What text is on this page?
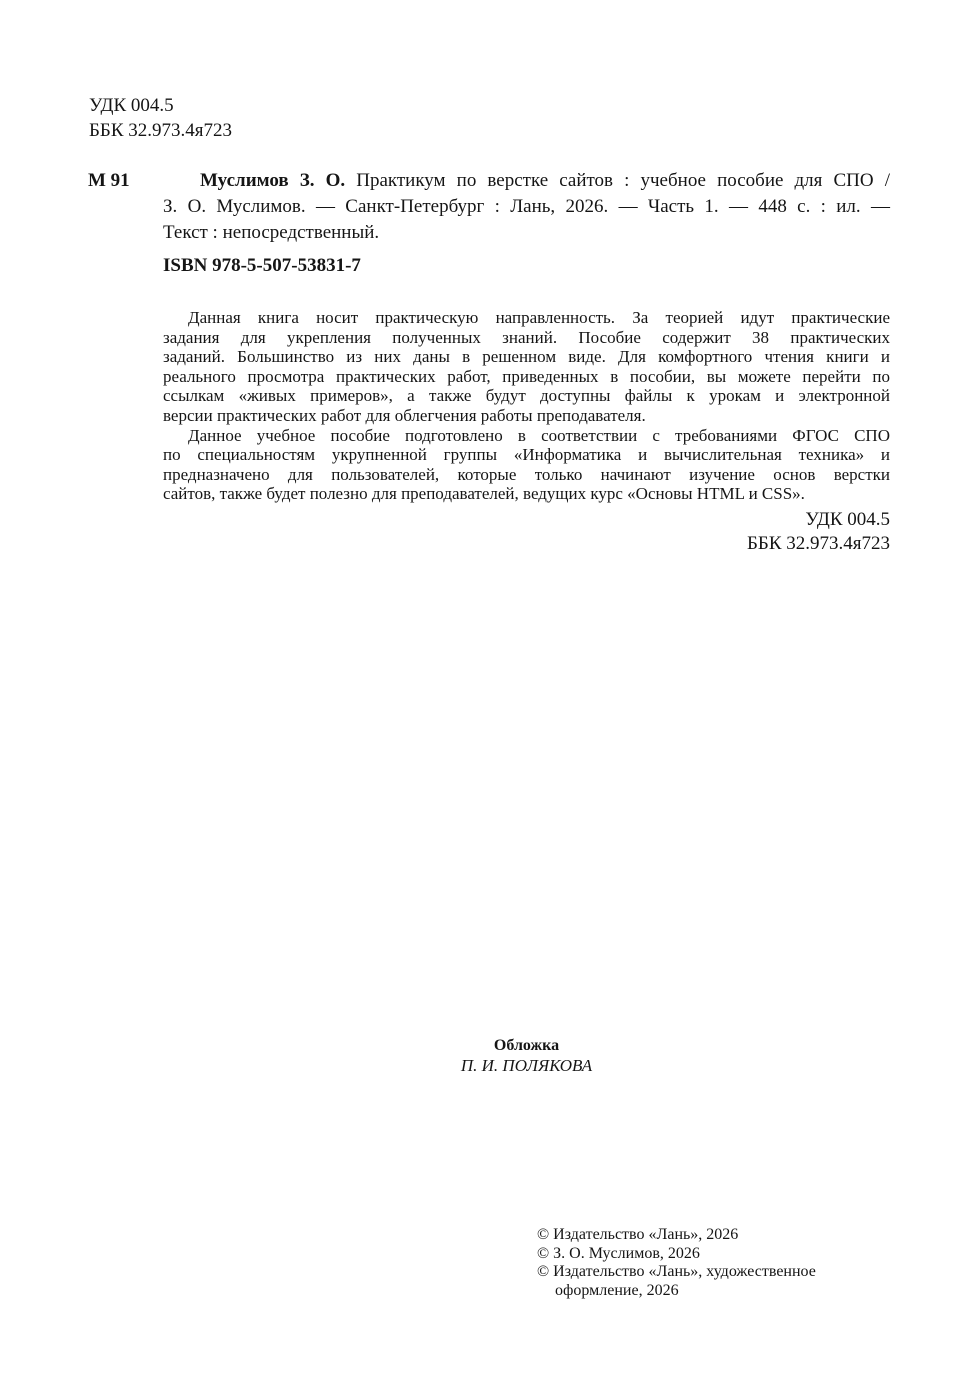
УДК 004.5
ББК 32.973.4я723
М 91	Муслимов З. О. Практикум по верстке сайтов : учебное пособие для СПО /
З. О. Муслимов. — Санкт-Петербург : Лань, 2026. — Часть 1. — 448 с. : ил. —
Текст : непосредственный.
ISBN 978-5-507-53831-7
Данная книга носит практическую направленность. За теорией идут практические
задания для укрепления полученных знаний. Пособие содержит 38 практических
заданий. Большинство из них даны в решенном виде. Для комфортного чтения книги и
реального просмотра практических работ, приведенных в пособии, вы можете перейти по
ссылкам «живых примеров», а также будут доступны файлы к урокам и электронной
версии практических работ для облегчения работы преподавателя.
Данное учебное пособие подготовлено в соответствии с требованиями ФГОС СПО
по специальностям укрупненной группы «Информатика и вычислительная техника» и
предназначено для пользователей, которые только начинают изучение основ верстки
сайтов, также будет полезно для преподавателей, ведущих курс «Основы HTML и CSS».
УДК 004.5
ББК 32.973.4я723
Обложка
П. И. ПОЛЯКОВА
© Издательство «Лань», 2026
© З. О. Муслимов, 2026
© Издательство «Лань», художественное оформление, 2026
